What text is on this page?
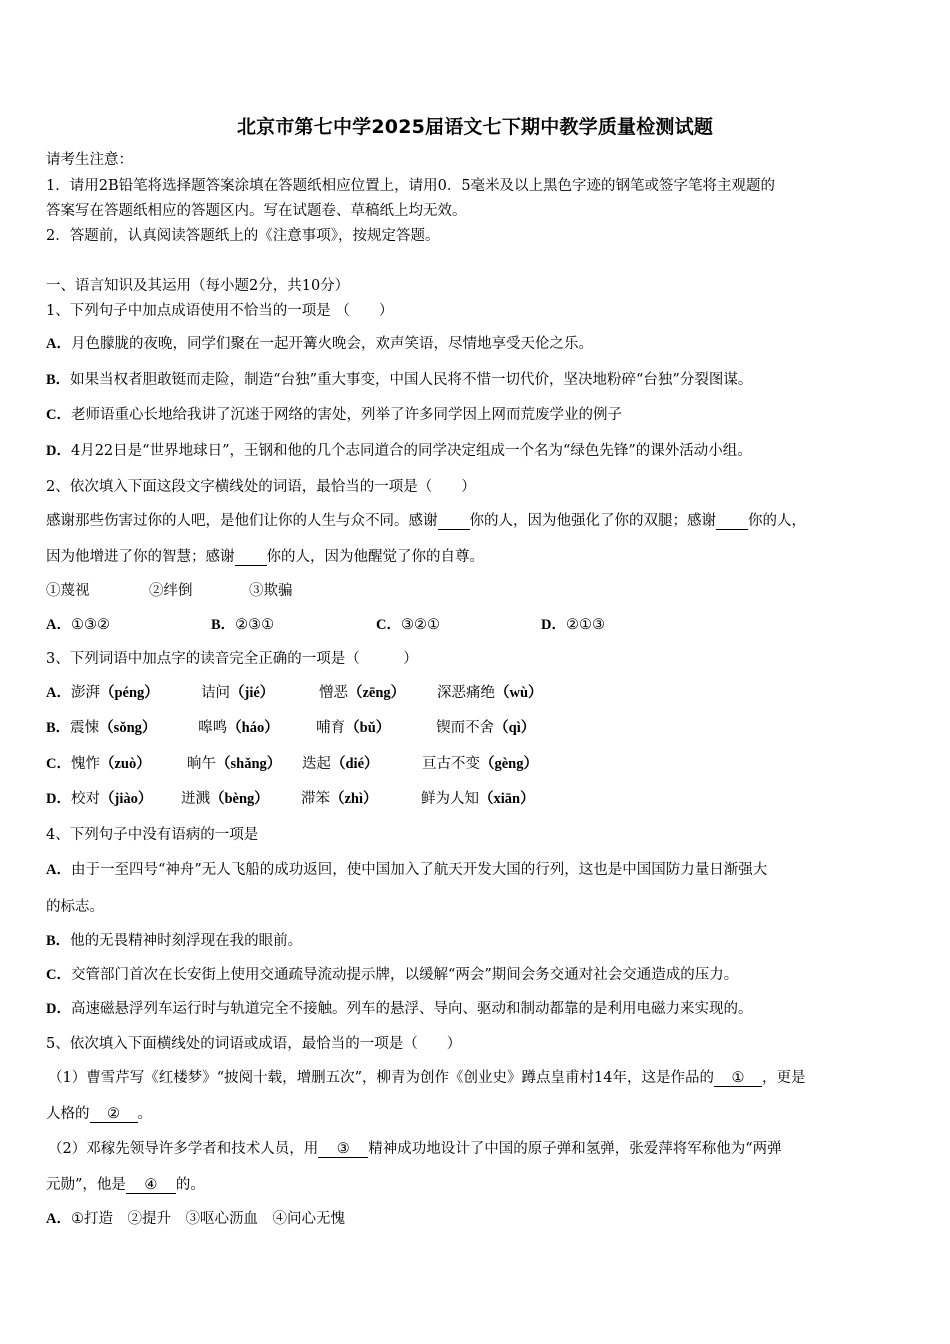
北京市第七中学2025届语文七下期中教学质量检测试题
请考生注意：
1．请用2B铅笔将选择题答案涂填在答题纸相应位置上，请用0．5毫米及以上黑色字迹的钢笔或签字笔将主观题的
答案写在答题纸相应的答题区内。写在试题卷、草稿纸上均无效。
2．答题前，认真阅读答题纸上的《注意事项》，按规定答题。
一、语言知识及其运用（每小题2分，共10分）
1、下列句子中加点成语使用不恰当的一项是 （　　）
A．月色朦胧的夜晚，同学们聚在一起开篝火晚会，欢声笑语，尽情地享受天伦之乐。
B．如果当权者胆敢铤而走险，制造“台独”重大事变，中国人民将不惜一切代价，坚决地粉碎“台独”分裂图谋。
C．老师语重心长地给我讲了沉迷于网络的害处，列举了许多同学因上网而荒废学业的例子
D．4月22日是“世界地球日”，王钢和他的几个志同道合的同学决定组成一个名为“绿色先锋”的课外活动小组。
2、依次填入下面这段文字横线处的词语，最恰当的一项是（　　）
感谢那些伤害过你的人吧，是他们让你的人生与众不同。感谢 你的人，因为他强化了你的双腿；感谢 你的人，
因为他增进了你的智慧；感谢 你的人，因为他醒觉了你的自尊。
①蔑视	②绊倒	③欺骗
A．①③②	B．②③①	C．③②①	D．②①③
3、下列词语中加点字的读音完全正确的一项是（　　　）
A．澎湃（péng）	诘问（jié）	憎恶（zēng） 深恶痛绝（wù）
B．震悚（sǒng）	嗥鸣（háo）	哺育（bǔ）	锲而不舍（qì）
C．愧怍（zuò）	晌午（shǎng） 迭起（dié）	亘古不变（gèng）
D．校对（jiào） 迸溅（bèng） 滞笨（zhì）	鲜为人知（xiān）
4、下列句子中没有语病的一项是
A．由于一至四号“神舟”无人飞船的成功返回，使中国加入了航天开发大国的行列，这也是中国国防力量日渐强大
的标志。
B．他的无畏精神时刻浮现在我的眼前。
C．交管部门首次在长安街上使用交通疏导流动提示牌，以缓解“两会”期间会务交通对社会交通造成的压力。
D．高速磁悬浮列车运行时与轨道完全不接触。列车的悬浮、导向、驱动和制动都靠的是利用电磁力来实现的。
5、依次填入下面横线处的词语或成语，最恰当的一项是（　　）
（1）曹雪芹写《红楼梦》“披阅十载，增删五次”，柳青为创作《创业史》蹲点皇甫村14年，这是作品的 ① ，更是
人格的 ② 。
（2）邓稼先领导许多学者和技术人员，用 ③ 精神成功地设计了中国的原子弹和氢弹，张爱萍将军称他为“两弹
元勋”，他是 ④ 的。
A．①打造　②提升　③呕心沥血　④问心无愧
